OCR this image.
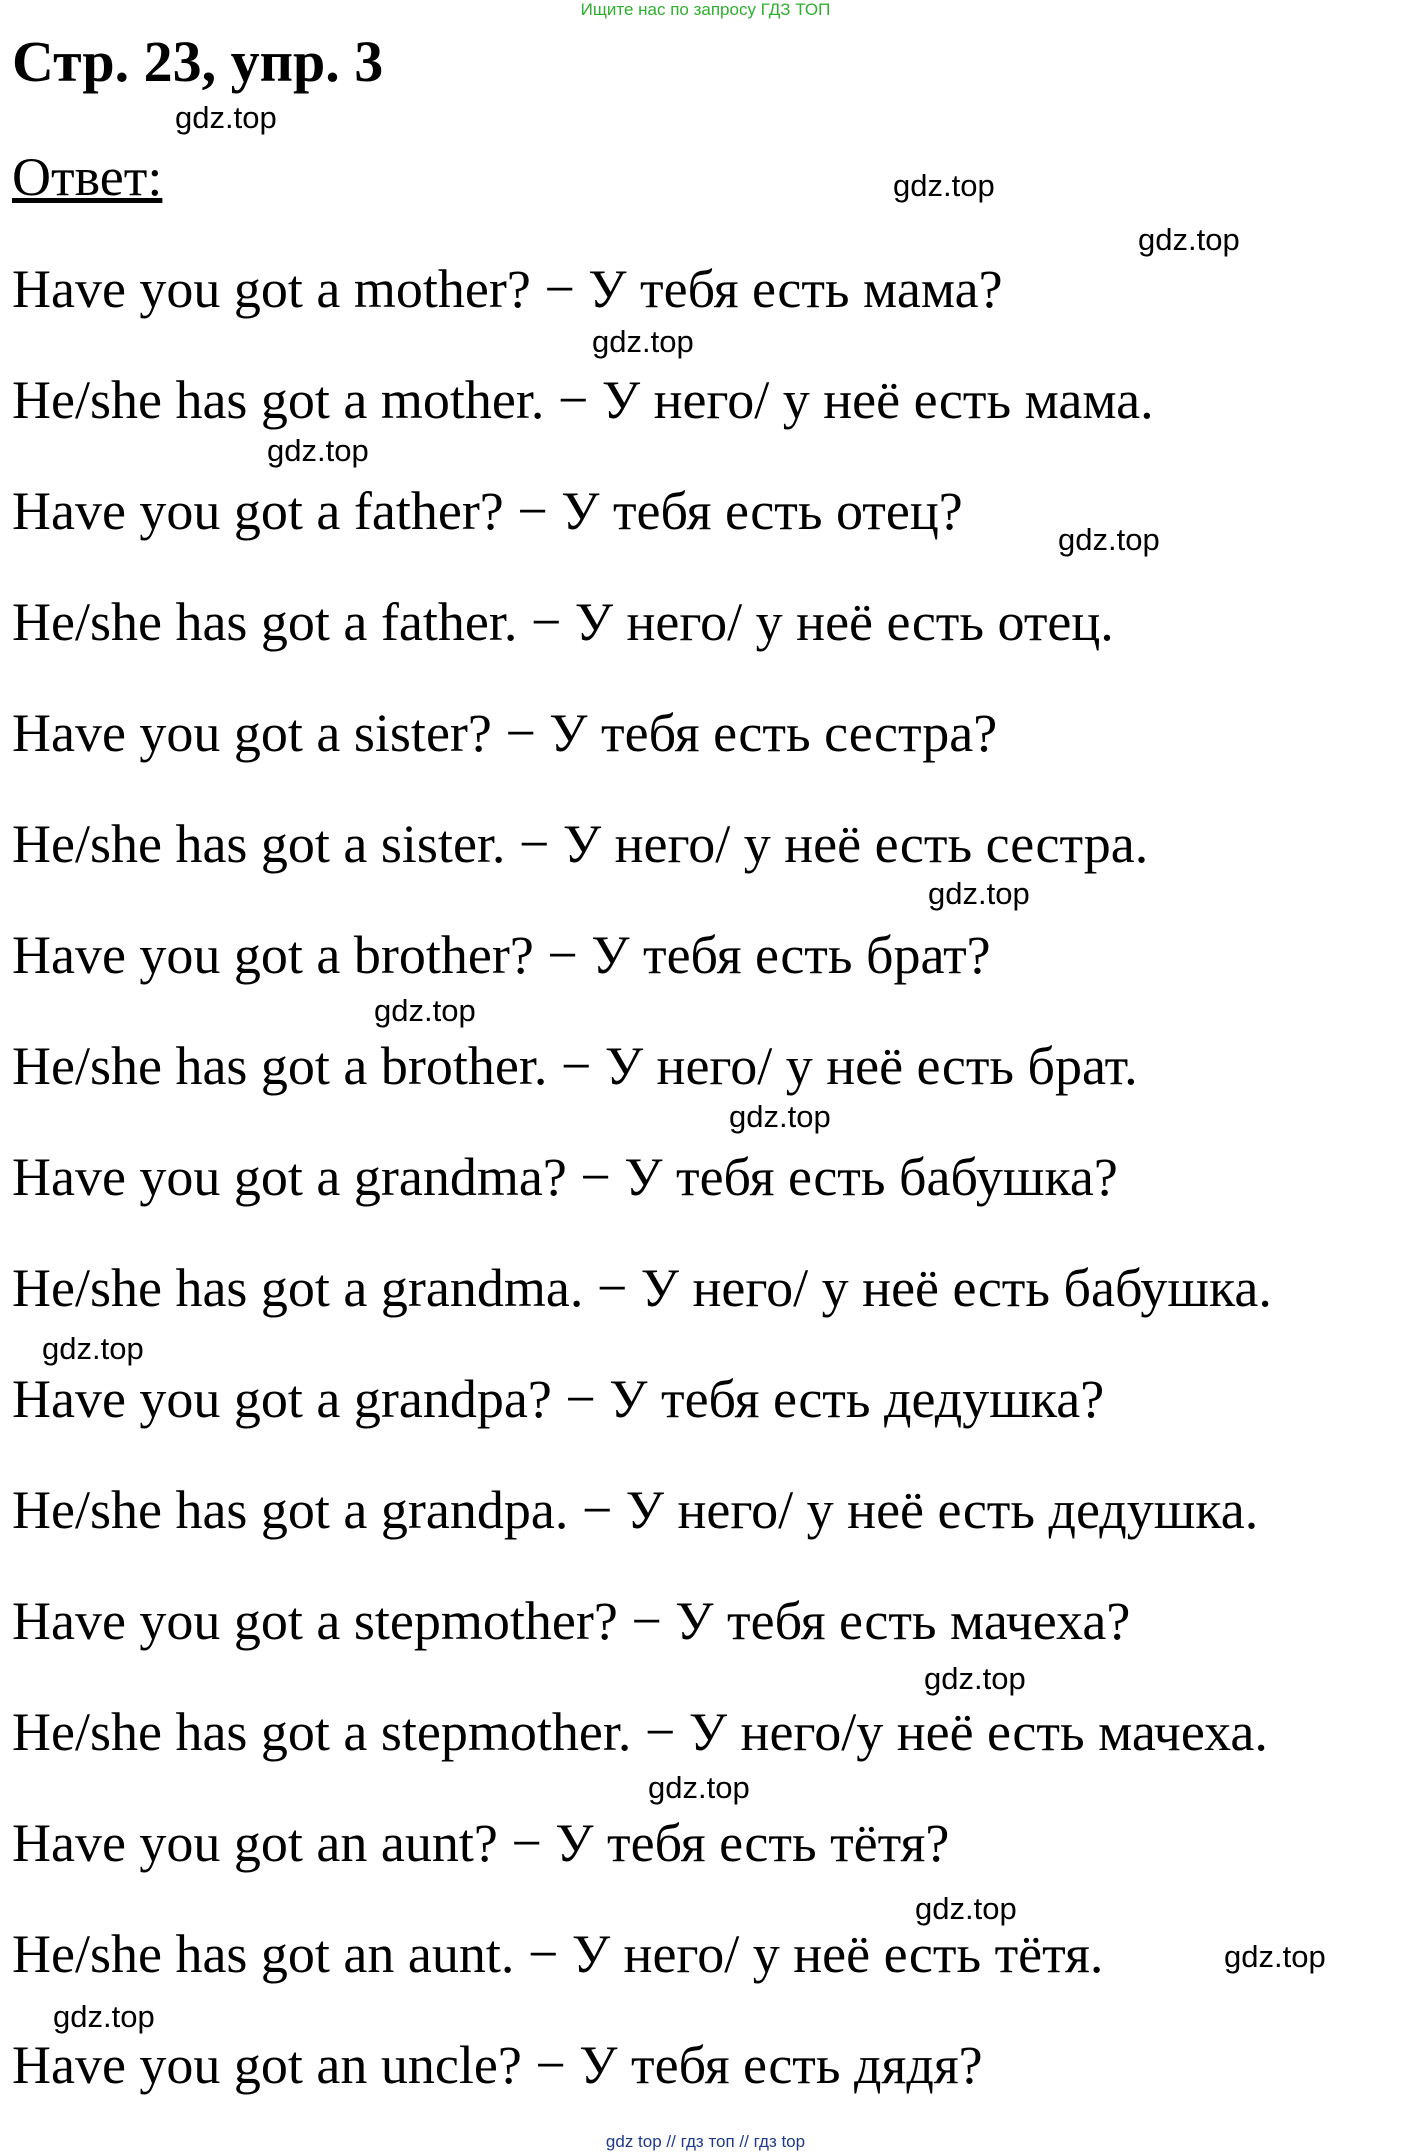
Ищите нас по запросу ГДЗ ТОП
Стр. 23, упр. 3
Ответ:
Have you got a mother? − У тебя есть мама?
He/she has got a mother. − У него/ у неё есть мама.
Have you got a father? − У тебя есть отец?
He/she has got a father. − У него/ у неё есть отец.
Have you got a sister? − У тебя есть сестра?
He/she has got a sister. − У него/ у неё есть сестра.
Have you got a brother? − У тебя есть брат?
He/she has got a brother. − У него/ у неё есть брат.
Have you got a grandma? − У тебя есть бабушка?
He/she has got a grandma. − У него/ у неё есть бабушка.
Have you got a grandpa? − У тебя есть дедушка?
He/she has got a grandpa. − У него/ у неё есть дедушка.
Have you got a stepmother? − У тебя есть мачеха?
He/she has got a stepmother. − У него/у неё есть мачеха.
Have you got an aunt? − У тебя есть тётя?
He/she has got an aunt. − У него/ у неё есть тётя.
Have you got an uncle? − У тебя есть дядя?
gdz.top
gdz.top
gdz.top
gdz.top
gdz.top
gdz.top
gdz.top
gdz.top
gdz.top
gdz.top
gdz.top
gdz.top
gdz.top
gdz.top
gdz.top
gdz top // гдз топ // гдз top
